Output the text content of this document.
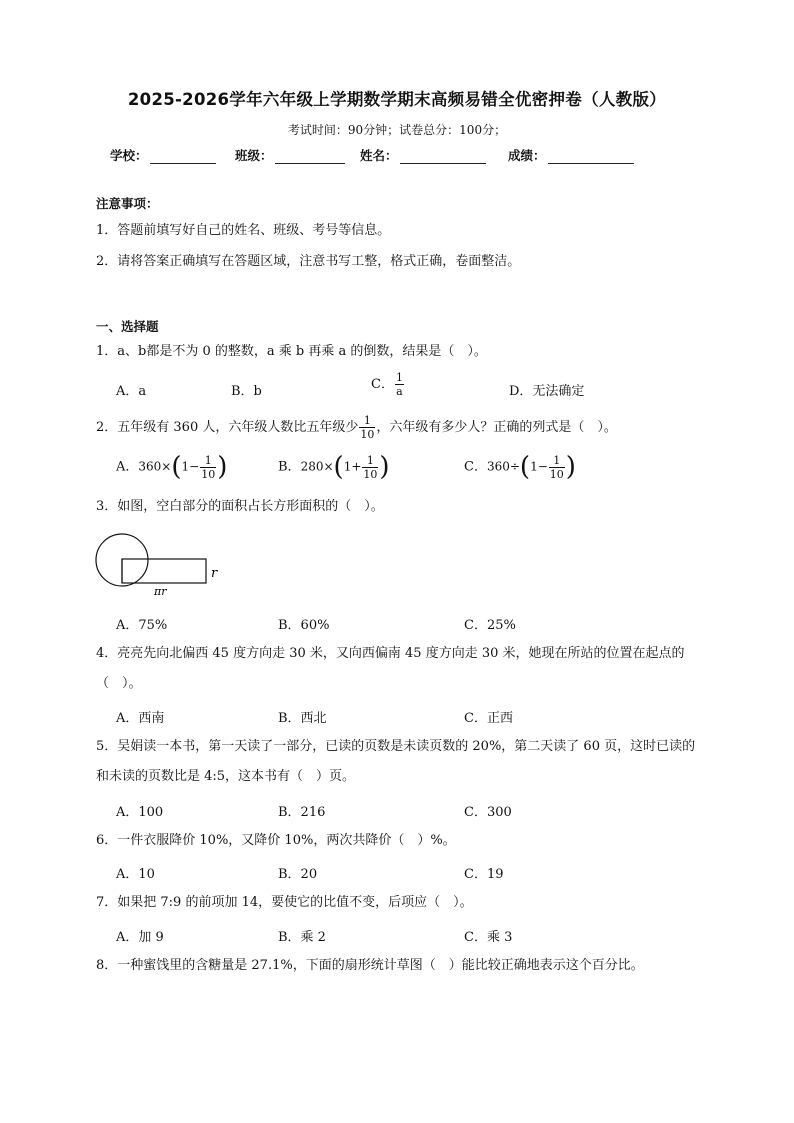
2025-2026学年六年级上学期数学期末高频易错全优密押卷（人教版）
考试时间：90分钟；试卷总分：100分；
学校：	班级：	姓名：	成绩：
注意事项：
1．答题前填写好自己的姓名、班级、考号等信息。
2．请将答案正确填写在答题区域，注意书写工整，格式正确，卷面整洁。
一、选择题
1．a、b都是不为 0 的整数，a 乘 b 再乘 a 的倒数，结果是（　）。
A．a	B．b	C． $\frac{1}{a}$	D．无法确定
2．五年级有 360 人，六年级人数比五年级少 $\frac{1}{10}$ ，六年级有多少人？正确的列式是（　）。
A．$360\times(1- \frac{1}{10}$ )	B．$280\times(1+ \frac{1}{10}$ )	C．$360\div(1- \frac{1}{10}$ )
3．如图，空白部分的面积占长方形面积的（　）。
r
πr
A．75%	B．60%	C．25%
4．亮亮先向北偏西 45 度方向走 30 米，又向西偏南 45 度方向走 30 米，她现在所站的位置在起点的（　）。
A．西南	B．西北	C．正西
5．吴娟读一本书，第一天读了一部分，已读的页数是未读页数的 20%，第二天读了 60 页，这时已读的和未读的页数比是 4:5，这本书有（　）页。
A．100	B．216	C．300
6．一件衣服降价 10%，又降价 10%，两次共降价（　）%。
A．10	B．20	C．19
7．如果把 7:9 的前项加 14，要使它的比值不变，后项应（　）。
A．加 9	B．乘 2	C．乘 3
8．一种蜜饯里的含糖量是 27.1%，下面的扇形统计草图（　）能比较正确地表示这个百分比。
